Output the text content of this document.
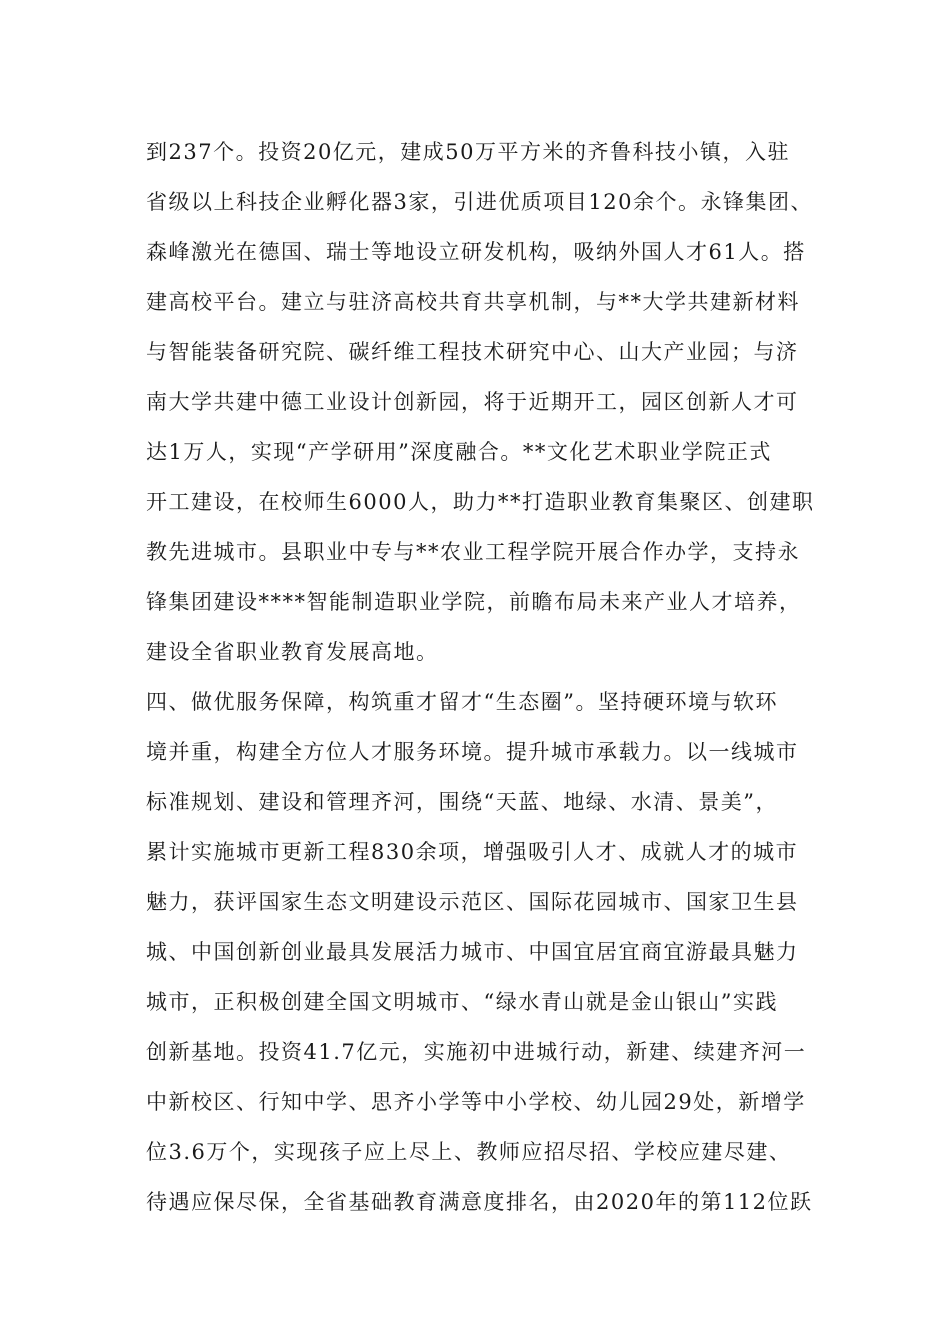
到237个。投资20亿元，建成50万平方米的齐鲁科技小镇，入驻
省级以上科技企业孵化器3家，引进优质项目120余个。永锋集团、
森峰激光在德国、瑞士等地设立研发机构，吸纳外国人才61人。搭
建高校平台。建立与驻济高校共育共享机制，与**大学共建新材料
与智能装备研究院、碳纤维工程技术研究中心、山大产业园；与济
南大学共建中德工业设计创新园，将于近期开工，园区创新人才可
达1万人，实现“产学研用”深度融合。**文化艺术职业学院正式
开工建设，在校师生6000人，助力**打造职业教育集聚区、创建职
教先进城市。县职业中专与**农业工程学院开展合作办学，支持永
锋集团建设****智能制造职业学院，前瞻布局未来产业人才培养，
建设全省职业教育发展高地。
四、做优服务保障，构筑重才留才“生态圈”。坚持硬环境与软环
境并重，构建全方位人才服务环境。提升城市承载力。以一线城市
标准规划、建设和管理齐河，围绕“天蓝、地绿、水清、景美”，
累计实施城市更新工程830余项，增强吸引人才、成就人才的城市
魅力，获评国家生态文明建设示范区、国际花园城市、国家卫生县
城、中国创新创业最具发展活力城市、中国宜居宜商宜游最具魅力
城市，正积极创建全国文明城市、“绿水青山就是金山银山”实践
创新基地。投资41.7亿元，实施初中进城行动，新建、续建齐河一
中新校区、行知中学、思齐小学等中小学校、幼儿园29处，新增学
位3.6万个，实现孩子应上尽上、教师应招尽招、学校应建尽建、
待遇应保尽保，全省基础教育满意度排名，由2020年的第112位跃
